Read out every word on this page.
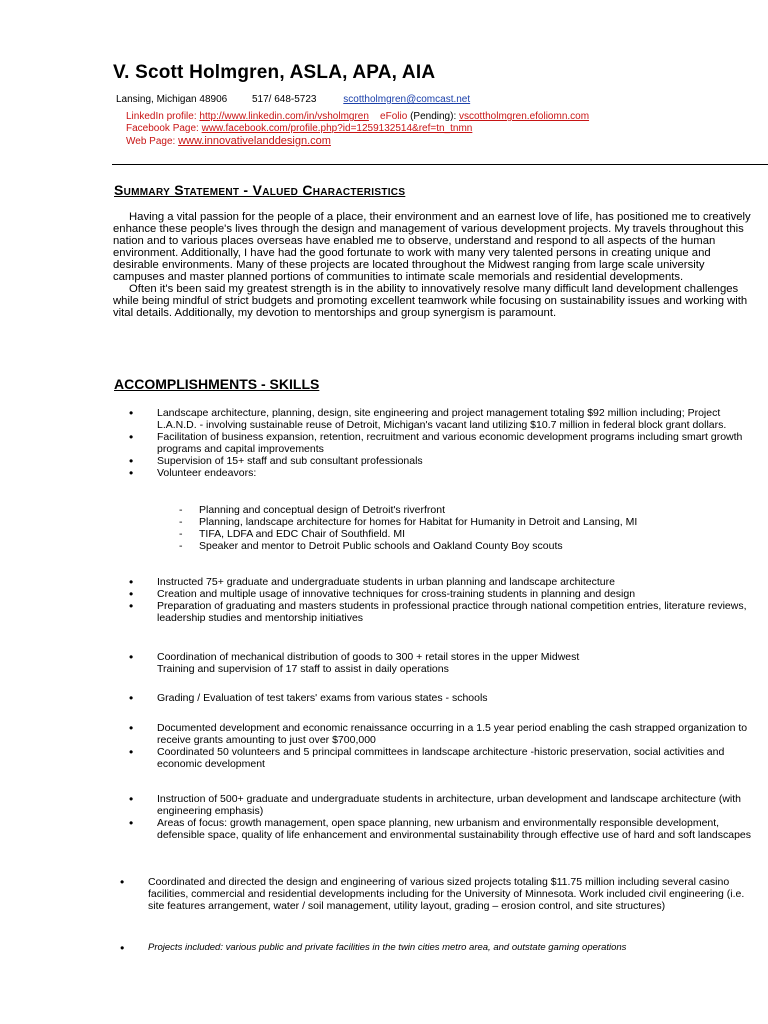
V. Scott Holmgren, ASLA, APA, AIA
Lansing, Michigan 48906 517/ 648-5723	scottholmgren@comcast.net
LinkedIn profile: http://www.linkedin.com/in/vsholmgren eFolio (Pending): vscottholmgren.efoliomn.com
Facebook Page: www.facebook.com/profile.php?id=1259132514&ref=tn_tnmn
Web Page: www.innovativelanddesign.com
Summary Statement - Valued Characteristics

Having a vital passion for the people of a place, their environment and an earnest love of life, has positioned me to creatively enhance these people's lives through the design and management of various development projects. My travels throughout this nation and to various places overseas have enabled me to observe, understand and respond to all aspects of the human environment. Additionally, I have had the good fortunate to work with many very talented persons in creating unique and desirable environments. Many of these projects are located throughout the Midwest ranging from large scale university campuses and master planned portions of communities to intimate scale memorials and residential developments.

Often it's been said my greatest strength is in the ability to innovatively resolve many difficult land development challenges while being mindful of strict budgets and promoting excellent teamwork while focusing on sustainability issues and working with vital details. Additionally, my devotion to mentorships and group synergism is paramount.

ACCOMPLISHMENTS - SKILLS
• Landscape architecture, planning, design, site engineering and project management totaling $92 million including; Project L.A.N.D. - involving sustainable reuse of Detroit, Michigan's vacant land utilizing $10.7 million in federal block grant dollars.
• Facilitation of business expansion, retention, recruitment and various economic development programs including smart growth programs and capital improvements
• Supervision of 15+ staff and sub consultant professionals
• Volunteer endeavors:
- Planning and conceptual design of Detroit's riverfront
- Planning, landscape architecture for homes for Habitat for Humanity in Detroit and Lansing, MI
- TIFA, LDFA and EDC Chair of Southfield. MI
- Speaker and mentor to Detroit Public schools and Oakland County Boy scouts
• Instructed 75+ graduate and undergraduate students in urban planning and landscape architecture
• Creation and multiple usage of innovative techniques for cross-training students in planning and design
• Preparation of graduating and masters students in professional practice through national competition entries, literature reviews, leadership studies and mentorship initiatives
• Coordination of mechanical distribution of goods to 300 + retail stores in the upper Midwest
Training and supervision of 17 staff to assist in daily operations
• Grading / Evaluation of test takers' exams from various states - schools
• Documented development and economic renaissance occurring in a 1.5 year period enabling the cash strapped organization to receive grants amounting to just over $700,000
• Coordinated 50 volunteers and 5 principal committees in landscape architecture -historic preservation, social activities and economic development
• Instruction of 500+ graduate and undergraduate students in architecture, urban development and landscape architecture (with engineering emphasis)
• Areas of focus: growth management, open space planning, new urbanism and environmentally responsible development, defensible space, quality of life enhancement and environmental sustainability through effective use of hard and soft landscapes
• Coordinated and directed the design and engineering of various sized projects totaling $11.75 million including several casino facilities, commercial and residential developments including for the University of Minnesota. Work included civil engineering (i.e. site features arrangement, water / soil management, utility layout, grading – erosion control, and site structures)
• Projects included: various public and private facilities in the twin cities metro area, and outstate gaming operations
